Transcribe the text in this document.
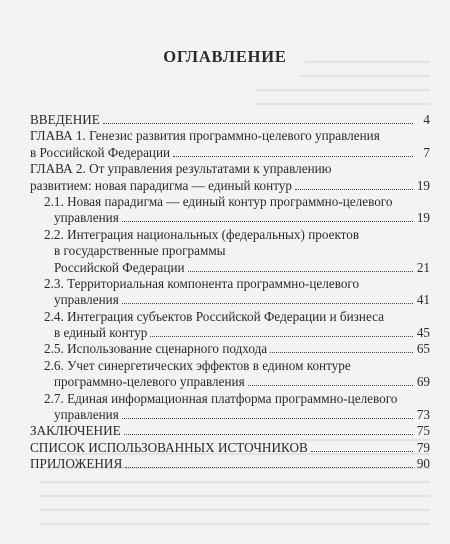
ОГЛАВЛЕНИЕ
ВВЕДЕНИЕ	4
ГЛАВА 1. Генезис развития программно-целевого управления
в Российской Федерации	7
ГЛАВА 2. От управления результатами к управлению
развитием: новая парадигма — единый контур	19
2.1. Новая парадигма — единый контур программно-целевого
управления	19
2.2. Интеграция национальных (федеральных) проектов
в государственные программы
Российской Федерации	21
2.3. Территориальная компонента программно-целевого
управления	41
2.4. Интеграция субъектов Российской Федерации и бизнеса
в единый контур	45
2.5. Использование сценарного подхода	65
2.6. Учет синергетических эффектов в едином контуре
программно-целевого управления	69
2.7. Единая информационная платформа программно-целевого
управления	73
ЗАКЛЮЧЕНИЕ	75
СПИСОК ИСПОЛЬЗОВАННЫХ ИСТОЧНИКОВ	79
ПРИЛОЖЕНИЯ	90
